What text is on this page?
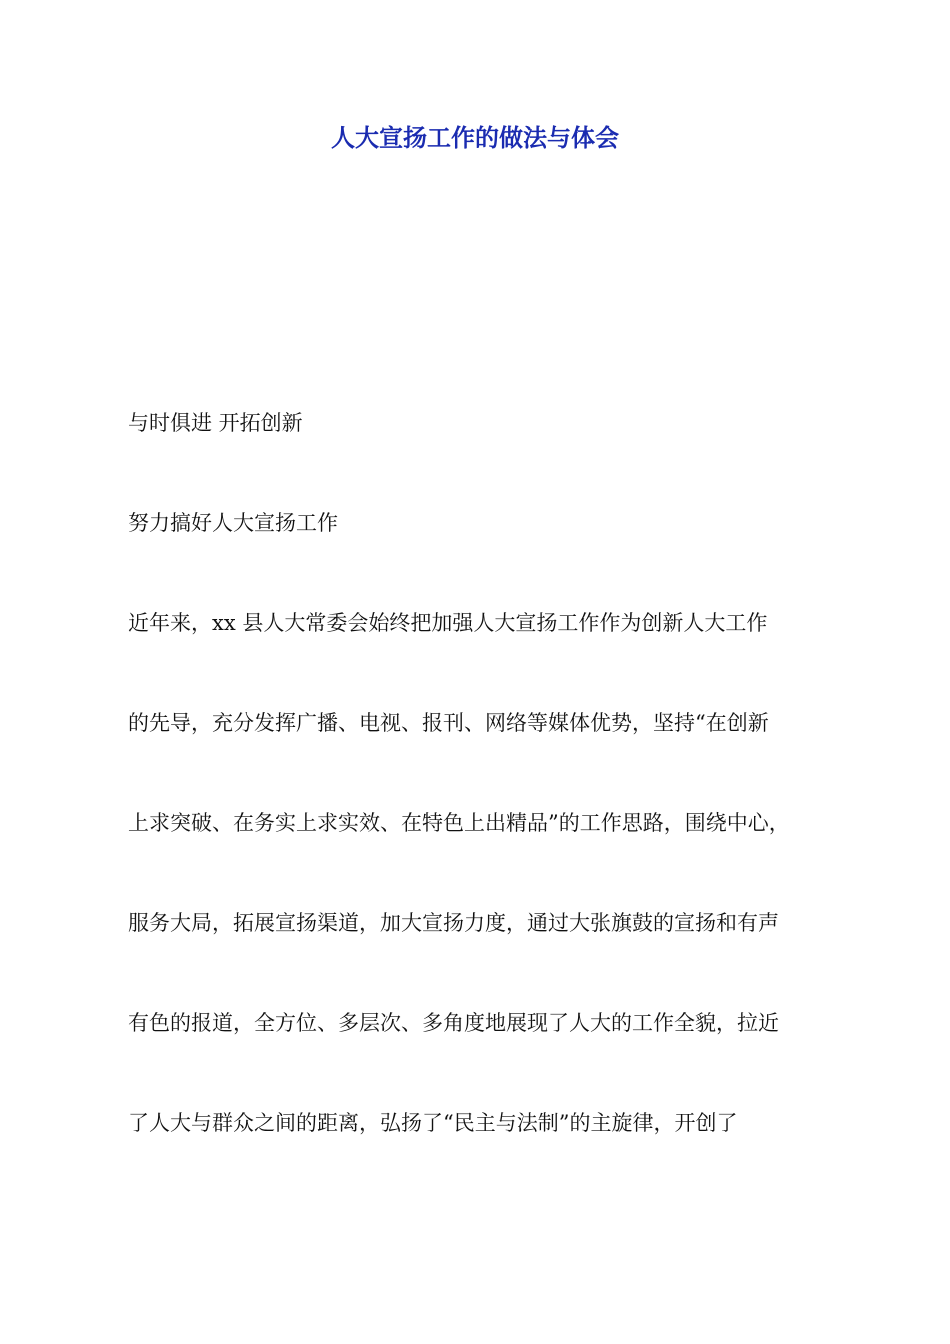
人大宣扬工作的做法与体会

与时俱进 开拓创新

努力搞好人大宣扬工作

近年来，xx 县人大常委会始终把加强人大宣扬工作作为创新人大工作

的先导，充分发挥广播、电视、报刊、网络等媒体优势，坚持“在创新

上求突破、在务实上求实效、在特色上出精品”的工作思路，围绕中心，

服务大局，拓展宣扬渠道，加大宣扬力度，通过大张旗鼓的宣扬和有声

有色的报道，全方位、多层次、多角度地展现了人大的工作全貌，拉近

了人大与群众之间的距离，弘扬了“民主与法制”的主旋律，开创了
